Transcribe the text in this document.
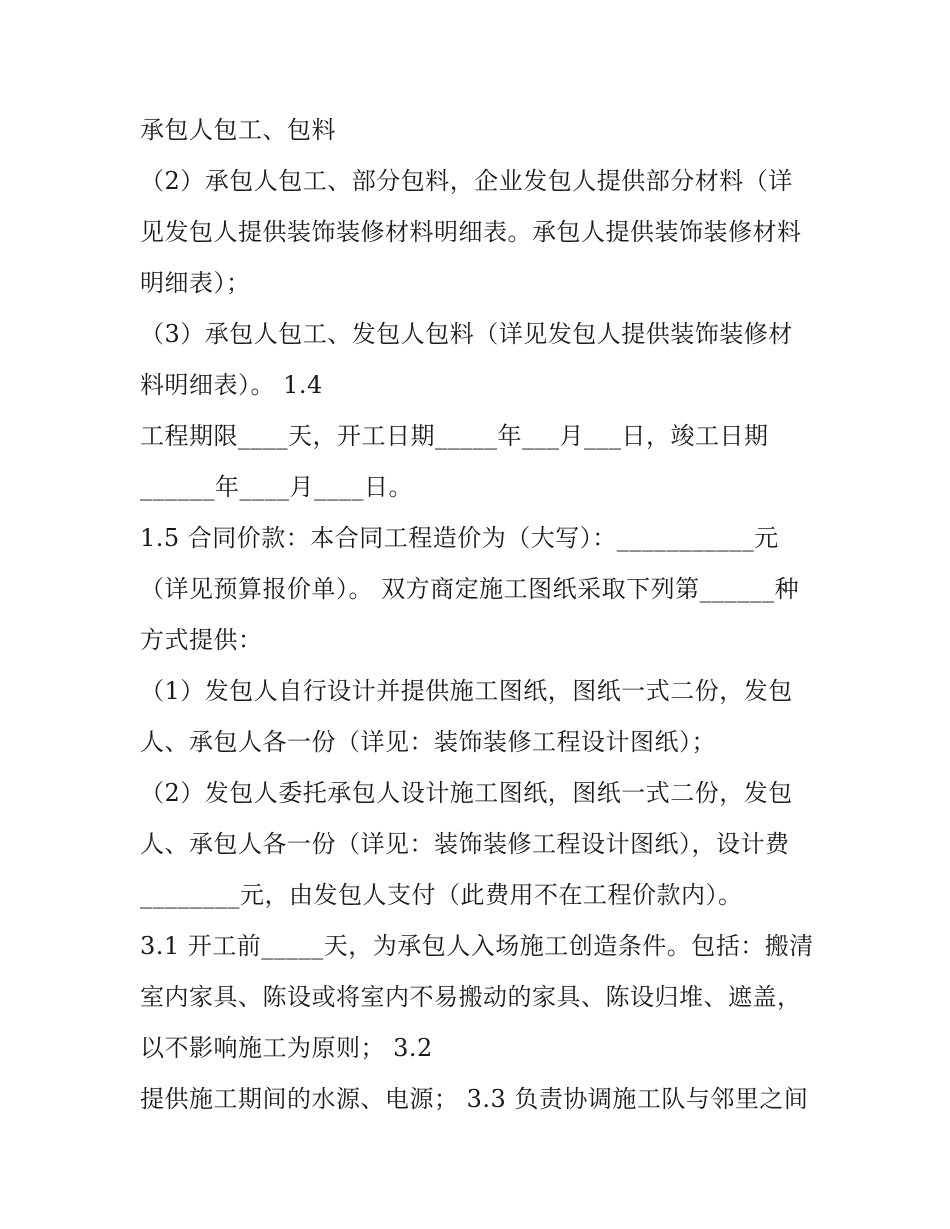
承包人包工、包料
（2）承包人包工、部分包料，企业发包人提供部分材料（详
见发包人提供装饰装修材料明细表。承包人提供装饰装修材料
明细表）；
（3）承包人包工、发包人包料（详见发包人提供装饰装修材
料明细表）。 1.4
工程期限____天，开工日期_____年___月___日，竣工日期
______年____月____日。
1.5 合同价款：本合同工程造价为（大写）：___________元
（详见预算报价单）。 双方商定施工图纸采取下列第______种
方式提供：
（1）发包人自行设计并提供施工图纸，图纸一式二份，发包
人、承包人各一份（详见：装饰装修工程设计图纸）；
（2）发包人委托承包人设计施工图纸，图纸一式二份，发包
人、承包人各一份（详见：装饰装修工程设计图纸），设计费
________元，由发包人支付（此费用不在工程价款内）。
3.1 开工前_____天，为承包人入场施工创造条件。包括：搬清
室内家具、陈设或将室内不易搬动的家具、陈设归堆、遮盖，
以不影响施工为原则； 3.2
提供施工期间的水源、电源； 3.3 负责协调施工队与邻里之间
